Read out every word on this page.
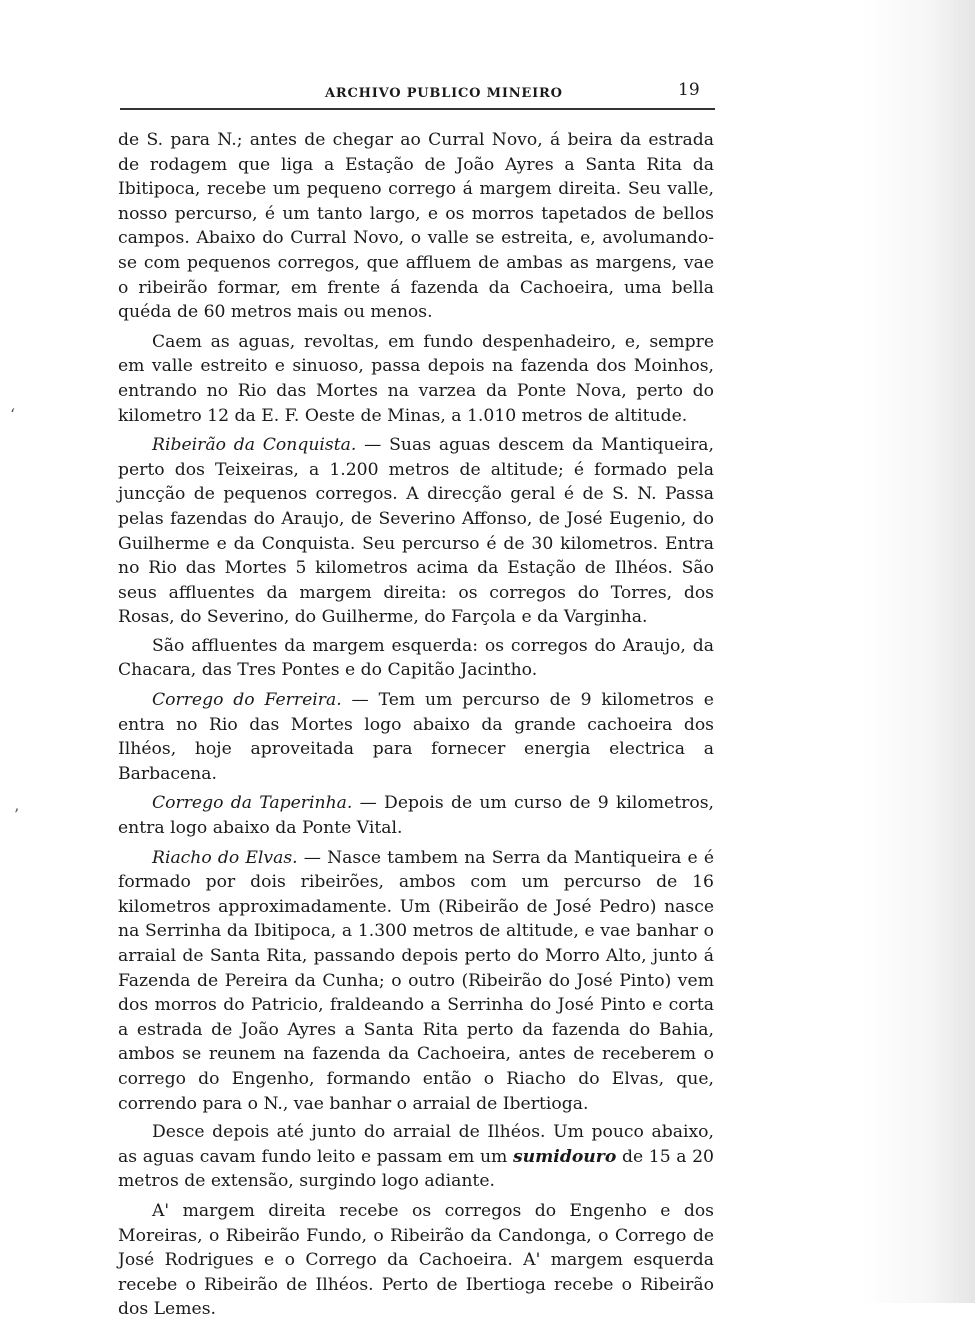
ARCHIVO PUBLICO MINEIRO	19
‘
’

de S. para N.; antes de chegar ao Curral Novo, á beira da estrada de rodagem que liga a Estação de João Ayres a Santa Rita da Ibitipoca, recebe um pequeno corrego á margem direita. Seu valle, nosso percurso, é um tanto largo, e os morros tapetados de bellos campos. Abaixo do Curral Novo, o valle se estreita, e, avolumando-se com pequenos corregos, que affluem de ambas as margens, vae o ribeirão formar, em frente á fazenda da Cachoeira, uma bella quéda de 60 metros mais ou menos.

Caem as aguas, revoltas, em fundo despenhadeiro, e, sempre em valle estreito e sinuoso, passa depois na fazenda dos Moinhos, entrando no Rio das Mortes na varzea da Ponte Nova, perto do kilometro 12 da E. F. Oeste de Minas, a 1.010 metros de altitude.

Ribeirão da Conquista. — Suas aguas descem da Mantiqueira, perto dos Teixeiras, a 1.200 metros de altitude; é formado pela juncção de pequenos corregos. A direcção geral é de S. N. Passa pelas fazendas do Araujo, de Severino Affonso, de José Eugenio, do Guilherme e da Conquista. Seu percurso é de 30 kilometros. Entra no Rio das Mortes 5 kilometros acima da Estação de Ilhéos. São seus affluentes da margem direita: os corregos do Torres, dos Rosas, do Severino, do Guilherme, do Farçola e da Varginha.

São affluentes da margem esquerda: os corregos do Araujo, da Chacara, das Tres Pontes e do Capitão Jacintho.

Corrego do Ferreira. — Tem um percurso de 9 kilometros e entra no Rio das Mortes logo abaixo da grande cachoeira dos Ilhéos, hoje aproveitada para fornecer energia electrica a Barbacena.

Corrego da Taperinha. — Depois de um curso de 9 kilometros, entra logo abaixo da Ponte Vital.

Riacho do Elvas. — Nasce tambem na Serra da Mantiqueira e é formado por dois ribeirões, ambos com um percurso de 16 kilometros approximadamente. Um (Ribeirão de José Pedro) nasce na Serrinha da Ibitipoca, a 1.300 metros de altitude, e vae banhar o arraial de Santa Rita, passando depois perto do Morro Alto, junto á Fazenda de Pereira da Cunha; o outro (Ribeirão do José Pinto) vem dos morros do Patricio, fraldeando a Serrinha do José Pinto e corta a estrada de João Ayres a Santa Rita perto da fazenda do Bahia, ambos se reunem na fazenda da Cachoeira, antes de receberem o corrego do Engenho, formando então o Riacho do Elvas, que, correndo para o N., vae banhar o arraial de Ibertioga.

Desce depois até junto do arraial de Ilhéos. Um pouco abaixo, as aguas cavam fundo leito e passam em um sumidouro de 15 a 20 metros de extensão, surgindo logo adiante.

A' margem direita recebe os corregos do Engenho e dos Moreiras, o Ribeirão Fundo, o Ribeirão da Candonga, o Corrego de José Rodrigues e o Corrego da Cachoeira. A' margem esquerda recebe o Ribeirão de Ilhéos. Perto de Ibertioga recebe o Ribeirão dos Lemes.
